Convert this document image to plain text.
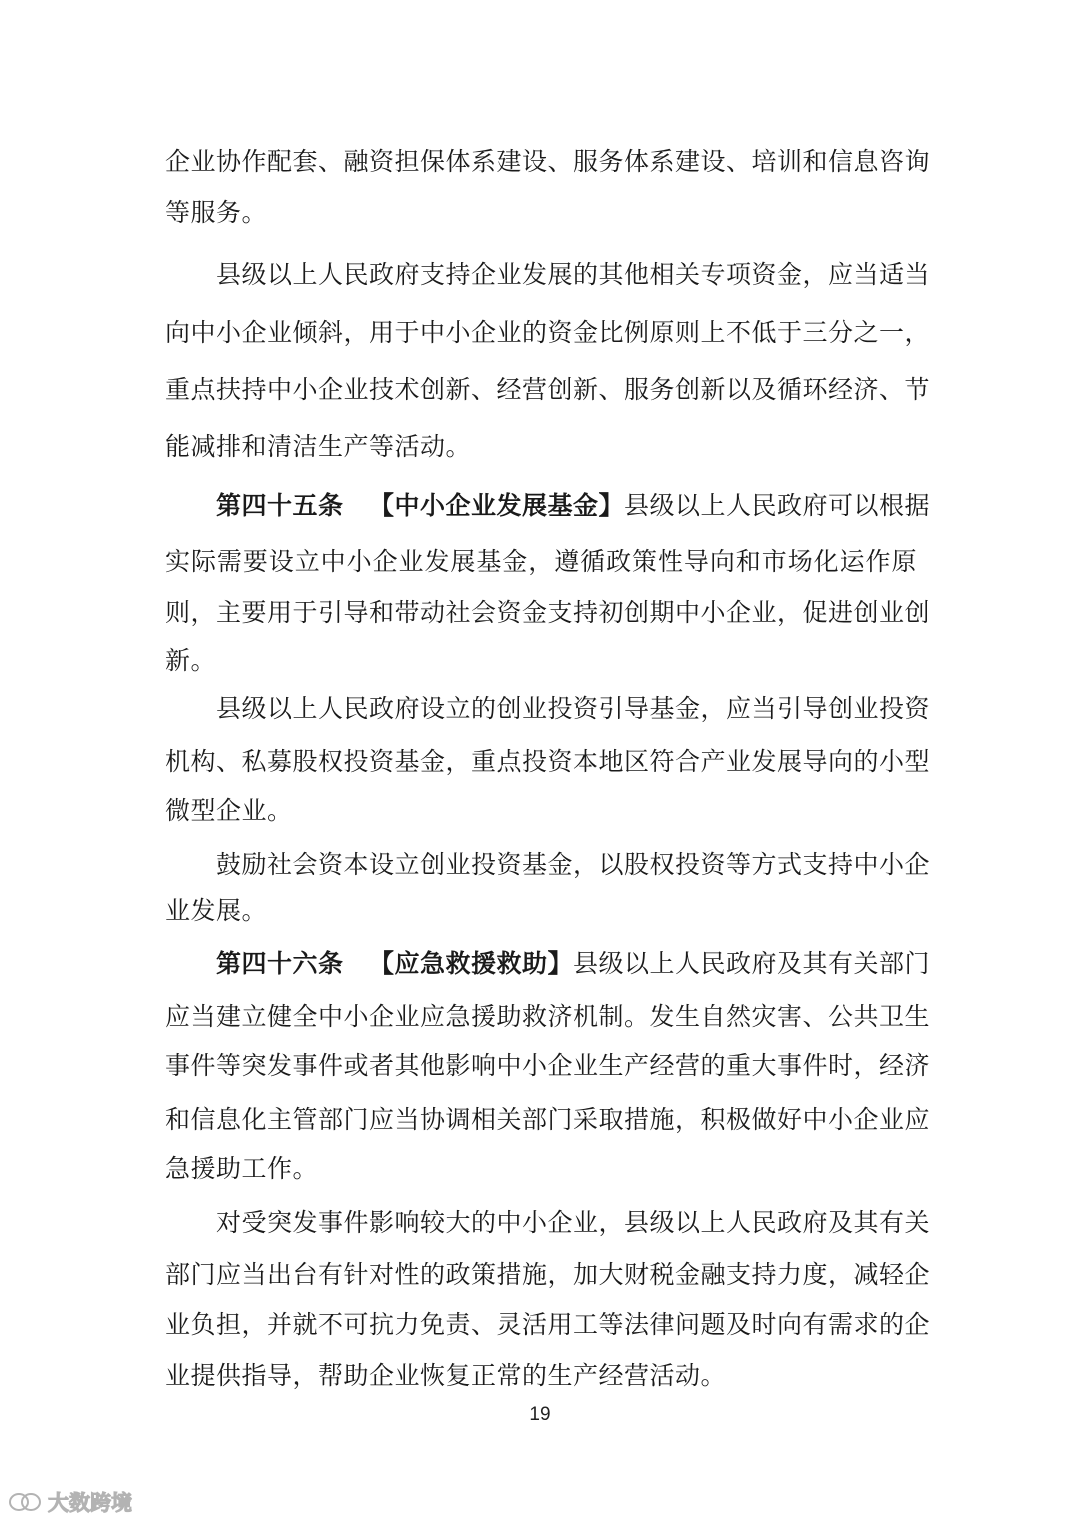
企业协作配套、融资担保体系建设、服务体系建设、培训和信息咨询
等服务。
县级以上人民政府支持企业发展的其他相关专项资金，应当适当
向中小企业倾斜，用于中小企业的资金比例原则上不低于三分之一，
重点扶持中小企业技术创新、经营创新、服务创新以及循环经济、节
能减排和清洁生产等活动。
第四十五条  【中小企业发展基金】县级以上人民政府可以根据
实际需要设立中小企业发展基金，遵循政策性导向和市场化运作原
则，主要用于引导和带动社会资金支持初创期中小企业，促进创业创
新。
县级以上人民政府设立的创业投资引导基金，应当引导创业投资
机构、私募股权投资基金，重点投资本地区符合产业发展导向的小型
微型企业。
鼓励社会资本设立创业投资基金，以股权投资等方式支持中小企
业发展。
第四十六条  【应急救援救助】县级以上人民政府及其有关部门
应当建立健全中小企业应急援助救济机制。发生自然灾害、公共卫生
事件等突发事件或者其他影响中小企业生产经营的重大事件时，经济
和信息化主管部门应当协调相关部门采取措施，积极做好中小企业应
急援助工作。
对受突发事件影响较大的中小企业，县级以上人民政府及其有关
部门应当出台有针对性的政策措施，加大财税金融支持力度，减轻企
业负担，并就不可抗力免责、灵活用工等法律问题及时向有需求的企
业提供指导，帮助企业恢复正常的生产经营活动。
19
大数跨境
